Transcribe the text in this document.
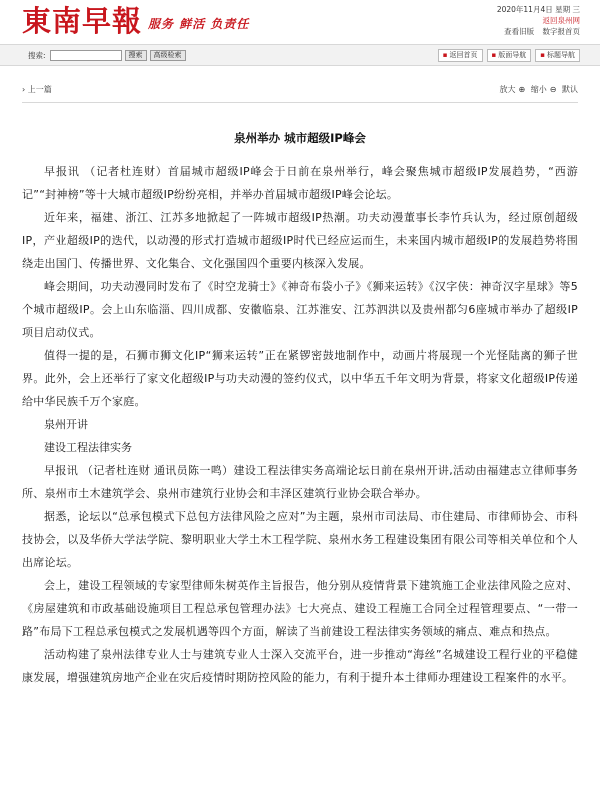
東南早報 服务 鲜活 负责任
2020年11月4日 星期 三
返回泉州网
查看旧版 数字报首页
搜索:	搜索	高级检索	▪ 返回首页	▪ 版面导航	▪ 标题导航
› 上一篇	放大 ⊕ 缩小 ⊖ 默认
泉州举办 城市超级IP峰会

早报讯 （记者杜连财）首届城市超级IP峰会于日前在泉州举行，峰会聚焦城市超级IP发展趋势，“西游记”“封神榜”等十大城市超级IP纷纷亮相，并举办首届城市超级IP峰会论坛。

近年来，福建、浙江、江苏多地掀起了一阵城市超级IP热潮。功夫动漫董事长李竹兵认为，经过原创超级IP，产业超级IP的迭代，以动漫的形式打造城市超级IP时代已经应运而生，未来国内城市超级IP的发展趋势将围绕走出国门、传播世界、文化集合、文化强国四个重要内核深入发展。

峰会期间，功夫动漫同时发布了《时空龙骑士》《神奇布袋小子》《狮来运转》《汉字侠：神奇汉字星球》等5个城市超级IP。会上山东临淄、四川成都、安徽临泉、江苏淮安、江苏泗洪以及贵州都匀6座城市举办了超级IP项目启动仪式。

值得一提的是，石狮市狮文化IP“狮来运转”正在紧锣密鼓地制作中，动画片将展现一个光怪陆离的狮子世界。此外，会上还举行了家文化超级IP与功夫动漫的签约仪式，以中华五千年文明为背景，将家文化超级IP传递给中华民族千万个家庭。

泉州开讲

建设工程法律实务

早报讯 （记者杜连财 通讯员陈一鸣）建设工程法律实务高端论坛日前在泉州开讲,活动由福建志立律师事务所、泉州市土木建筑学会、泉州市建筑行业协会和丰泽区建筑行业协会联合举办。

据悉，论坛以“总承包模式下总包方法律风险之应对”为主题，泉州市司法局、市住建局、市律师协会、市科技协会，以及华侨大学法学院、黎明职业大学土木工程学院、泉州水务工程建设集团有限公司等相关单位和个人出席论坛。

会上，建设工程领域的专家型律师朱树英作主旨报告，他分别从疫情背景下建筑施工企业法律风险之应对、《房屋建筑和市政基础设施项目工程总承包管理办法》七大亮点、建设工程施工合同全过程管理要点、“一带一路”布局下工程总承包模式之发展机遇等四个方面，解读了当前建设工程法律实务领域的痛点、难点和热点。

活动构建了泉州法律专业人士与建筑专业人士深入交流平台，进一步推动“海丝”名城建设工程行业的平稳健康发展，增强建筑房地产企业在灾后疫情时期防控风险的能力，有利于提升本土律师办理建设工程案件的水平。
